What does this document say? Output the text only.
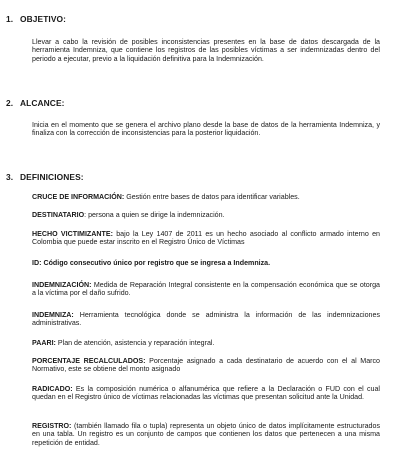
1. OBJETIVO:

Llevar a cabo la revisión de posibles inconsistencias presentes en la base de datos descargada de la herramienta Indemniza, que contiene los registros de las posibles víctimas a ser indemnizadas dentro del periodo a ejecutar, previo a la liquidación definitiva para la Indemnización.

2. ALCANCE:

Inicia en el momento que se genera el archivo plano desde la base de datos de la herramienta Indemniza, y finaliza con la corrección de inconsistencias para la posterior liquidación.

3. DEFINICIONES:

CRUCE DE INFORMACIÓN: Gestión entre bases de datos para identificar variables.

DESTINATARIO: persona a quien se dirige la indemnización.

HECHO VICTIMIZANTE: bajo la Ley 1407 de 2011 es un hecho asociado al conflicto armado interno en Colombia que puede estar inscrito en el Registro Único de Víctimas

ID: Código consecutivo único por registro que se ingresa a Indemniza.

INDEMNIZACIÓN: Medida de Reparación Integral consistente en la compensación económica que se otorga a la víctima por el daño sufrido.

INDEMNIZA: Herramienta tecnológica donde se administra la información de las indemnizaciones administrativas.

PAARI: Plan de atención, asistencia y reparación integral.

PORCENTAJE RECALCULADOS: Porcentaje asignado a cada destinatario de acuerdo con el al Marco Normativo, este se obtiene del monto asignado

RADICADO: Es la composición numérica o alfanumérica que refiere a la Declaración o FUD con el cual quedan en el Registro único de víctimas relacionadas las víctimas que presentan solicitud ante la Unidad.

REGISTRO: (también llamado fila o tupla) representa un objeto único de datos implícitamente estructurados en una tabla. Un registro es un conjunto de campos que contienen los datos que pertenecen a una misma repetición de entidad.
